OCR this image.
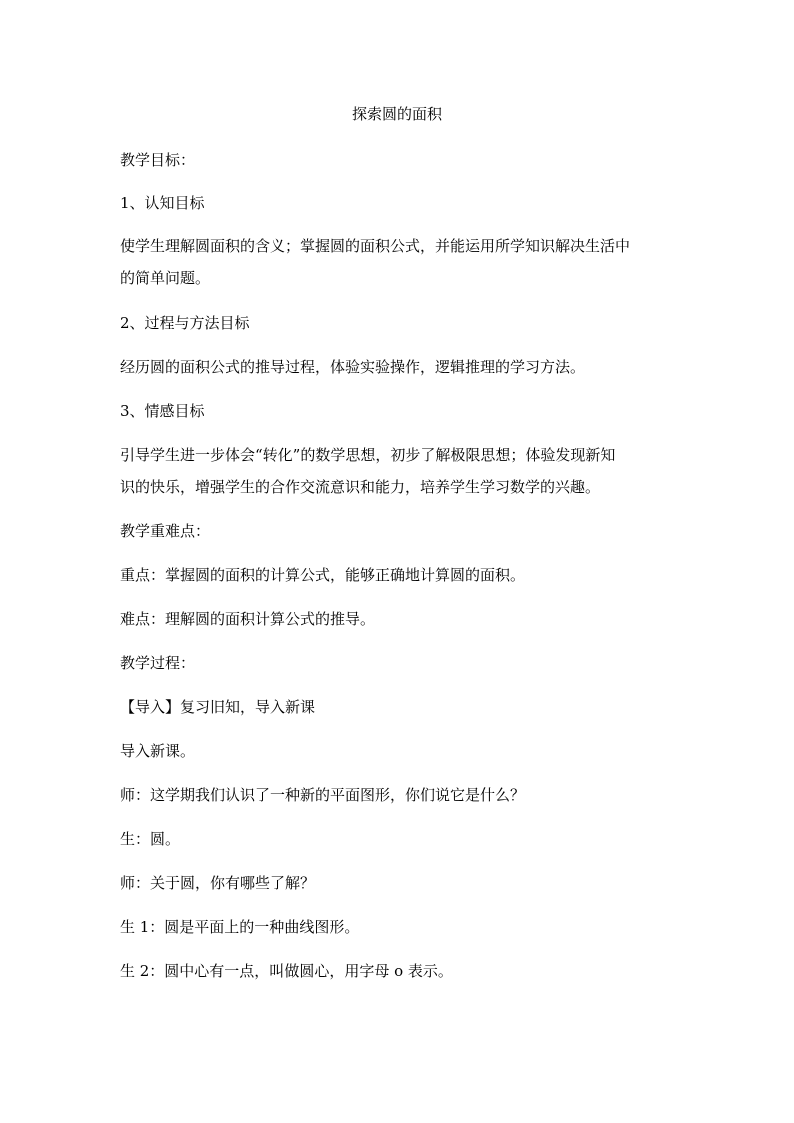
探索圆的面积

教学目标：

1、认知目标

使学生理解圆面积的含义；掌握圆的面积公式，并能运用所学知识解决生活中

的简单问题。

2、过程与方法目标

经历圆的面积公式的推导过程，体验实验操作，逻辑推理的学习方法。

3、情感目标

引导学生进一步体会“转化”的数学思想，初步了解极限思想；体验发现新知

识的快乐，增强学生的合作交流意识和能力，培养学生学习数学的兴趣。

教学重难点：

重点：掌握圆的面积的计算公式，能够正确地计算圆的面积。

难点：理解圆的面积计算公式的推导。

教学过程：

【导入】复习旧知，导入新课

导入新课。

师：这学期我们认识了一种新的平面图形，你们说它是什么？

生：圆。

师：关于圆，你有哪些了解？

生 1：圆是平面上的一种曲线图形。

生 2：圆中心有一点，叫做圆心，用字母 o 表示。
